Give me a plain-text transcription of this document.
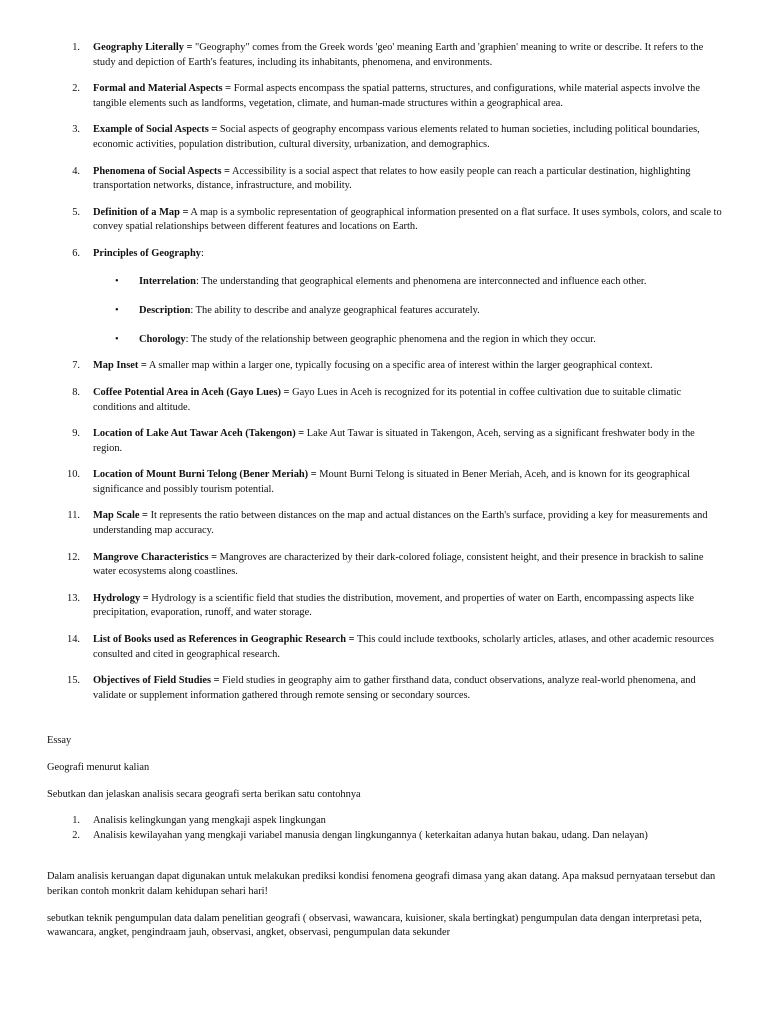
1. Geography Literally = "Geography" comes from the Greek words 'geo' meaning Earth and 'graphien' meaning to write or describe. It refers to the study and depiction of Earth's features, including its inhabitants, phenomena, and environments.
2. Formal and Material Aspects = Formal aspects encompass the spatial patterns, structures, and configurations, while material aspects involve the tangible elements such as landforms, vegetation, climate, and human-made structures within a geographical area.
3. Example of Social Aspects = Social aspects of geography encompass various elements related to human societies, including political boundaries, economic activities, population distribution, cultural diversity, urbanization, and demographics.
4. Phenomena of Social Aspects = Accessibility is a social aspect that relates to how easily people can reach a particular destination, highlighting transportation networks, distance, infrastructure, and mobility.
5. Definition of a Map = A map is a symbolic representation of geographical information presented on a flat surface. It uses symbols, colors, and scale to convey spatial relationships between different features and locations on Earth.
6. Principles of Geography:
• Interrelation: The understanding that geographical elements and phenomena are interconnected and influence each other.
• Description: The ability to describe and analyze geographical features accurately.
• Chorology: The study of the relationship between geographic phenomena and the region in which they occur.
7. Map Inset = A smaller map within a larger one, typically focusing on a specific area of interest within the larger geographical context.
8. Coffee Potential Area in Aceh (Gayo Lues) = Gayo Lues in Aceh is recognized for its potential in coffee cultivation due to suitable climatic conditions and altitude.
9. Location of Lake Aut Tawar Aceh (Takengon) = Lake Aut Tawar is situated in Takengon, Aceh, serving as a significant freshwater body in the region.
10. Location of Mount Burni Telong (Bener Meriah) = Mount Burni Telong is situated in Bener Meriah, Aceh, and is known for its geographical significance and possibly tourism potential.
11. Map Scale = It represents the ratio between distances on the map and actual distances on the Earth's surface, providing a key for measurements and understanding map accuracy.
12. Mangrove Characteristics = Mangroves are characterized by their dark-colored foliage, consistent height, and their presence in brackish to saline water ecosystems along coastlines.
13. Hydrology = Hydrology is a scientific field that studies the distribution, movement, and properties of water on Earth, encompassing aspects like precipitation, evaporation, runoff, and water storage.
14. List of Books used as References in Geographic Research = This could include textbooks, scholarly articles, atlases, and other academic resources consulted and cited in geographical research.
15. Objectives of Field Studies = Field studies in geography aim to gather firsthand data, conduct observations, analyze real-world phenomena, and validate or supplement information gathered through remote sensing or secondary sources.

Essay

Geografi menurut kalian

Sebutkan dan jelaskan analisis secara geografi serta berikan satu contohnya

1. Analisis kelingkungan yang mengkaji aspek lingkungan
2. Analisis kewilayahan yang mengkaji variabel manusia dengan lingkungannya ( keterkaitan adanya hutan bakau, udang. Dan nelayan)

Dalam analisis keruangan dapat digunakan untuk melakukan prediksi kondisi fenomena geografi dimasa yang akan datang. Apa maksud pernyataan tersebut dan berikan contoh monkrit dalam kehidupan sehari hari!

sebutkan teknik pengumpulan data dalam penelitian geografi ( observasi, wawancara, kuisioner, skala bertingkat) pengumpulan data dengan interpretasi peta, wawancara, angket, pengindraam jauh, observasi, angket, observasi, pengumpulan data sekunder
